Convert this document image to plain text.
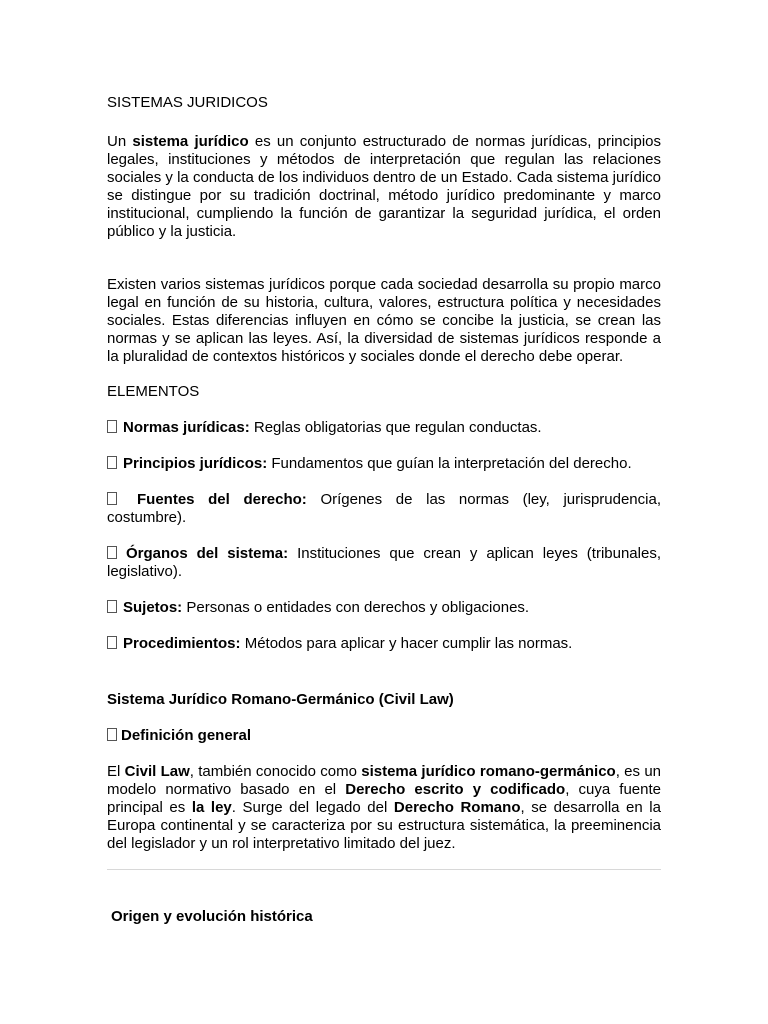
SISTEMAS JURIDICOS

Un sistema jurídico es un conjunto estructurado de normas jurídicas, principios legales, instituciones y métodos de interpretación que regulan las relaciones sociales y la conducta de los individuos dentro de un Estado. Cada sistema jurídico se distingue por su tradición doctrinal, método jurídico predominante y marco institucional, cumpliendo la función de garantizar la seguridad jurídica, el orden público y la justicia.

Existen varios sistemas jurídicos porque cada sociedad desarrolla su propio marco legal en función de su historia, cultura, valores, estructura política y necesidades sociales. Estas diferencias influyen en cómo se concibe la justicia, se crean las normas y se aplican las leyes. Así, la diversidad de sistemas jurídicos responde a la pluralidad de contextos históricos y sociales donde el derecho debe operar.

ELEMENTOS

Normas jurídicas: Reglas obligatorias que regulan conductas.

Principios jurídicos: Fundamentos que guían la interpretación del derecho.

Fuentes del derecho: Orígenes de las normas (ley, jurisprudencia, costumbre).

Órganos del sistema: Instituciones que crean y aplican leyes (tribunales, legislativo).

Sujetos: Personas o entidades con derechos y obligaciones.

Procedimientos: Métodos para aplicar y hacer cumplir las normas.

Sistema Jurídico Romano-Germánico (Civil Law)

Definición general

El Civil Law, también conocido como sistema jurídico romano-germánico, es un modelo normativo basado en el Derecho escrito y codificado, cuya fuente principal es la ley. Surge del legado del Derecho Romano, se desarrolla en la Europa continental y se caracteriza por su estructura sistemática, la preeminencia del legislador y un rol interpretativo limitado del juez.

Origen y evolución histórica
